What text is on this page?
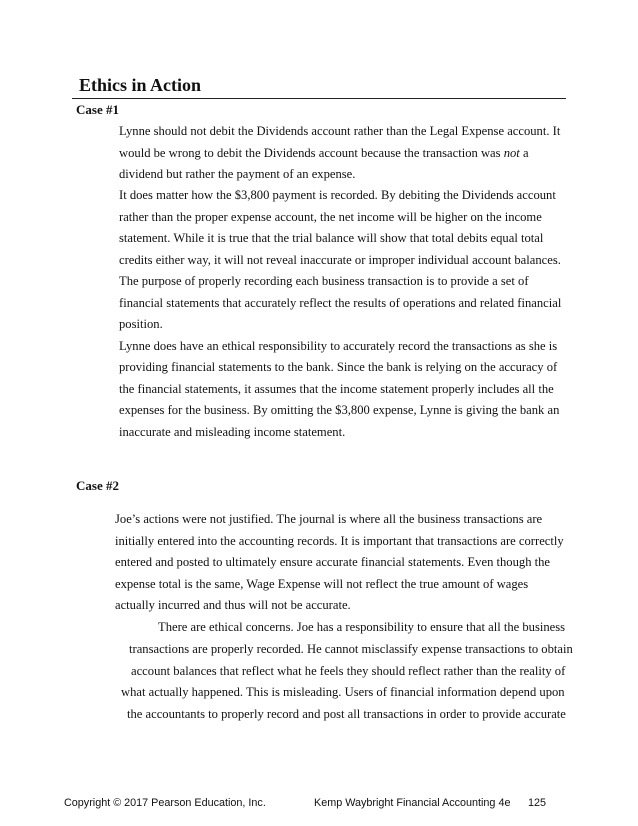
Ethics in Action
Case #1

Lynne should not debit the Dividends account rather than the Legal Expense account. It

would be wrong to debit the Dividends account because the transaction was not a

dividend but rather the payment of an expense.

It does matter how the $3,800 payment is recorded. By debiting the Dividends account

rather than the proper expense account, the net income will be higher on the income

statement. While it is true that the trial balance will show that total debits equal total

credits either way, it will not reveal inaccurate or improper individual account balances.

The purpose of properly recording each business transaction is to provide a set of

financial statements that accurately reflect the results of operations and related financial

position.

Lynne does have an ethical responsibility to accurately record the transactions as she is

providing financial statements to the bank. Since the bank is relying on the accuracy of

the financial statements, it assumes that the income statement properly includes all the

expenses for the business. By omitting the $3,800 expense, Lynne is giving the bank an

inaccurate and misleading income statement.

Case #2

Joe’s actions were not justified. The journal is where all the business transactions are

initially entered into the accounting records. It is important that transactions are correctly

entered and posted to ultimately ensure accurate financial statements. Even though the

expense total is the same, Wage Expense will not reflect the true amount of wages

actually incurred and thus will not be accurate.

There are ethical concerns. Joe has a responsibility to ensure that all the business

transactions are properly recorded. He cannot misclassify expense transactions to obtain

account balances that reflect what he feels they should reflect rather than the reality of

what actually happened. This is misleading. Users of financial information depend upon

the accountants to properly record and post all transactions in order to provide accurate

Copyright © 2017 Pearson Education, Inc.	Kemp Waybright Financial Accounting 4e 125
